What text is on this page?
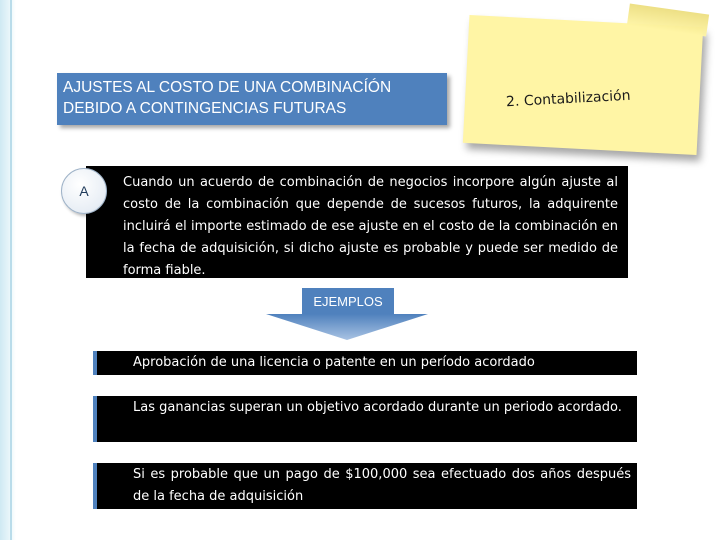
AJUSTES AL COSTO DE UNA COMBINACÍÓN
DEBIDO A CONTINGENCIAS FUTURAS	2. Contabilización
Cuando un acuerdo de combinación de negocios incorpore algún ajuste al costo de la combinación que depende de sucesos futuros, la adquirente incluirá el importe estimado de ese ajuste en el costo de la combinación en la fecha de adquisición, si dicho ajuste es probable y puede ser medido de forma fiable.
A
EJEMPLOS
Aprobación de una licencia o patente en un período acordado
Las ganancias superan un objetivo acordado durante un periodo acordado.
Si es probable que un pago de $100,000 sea efectuado dos años después de la fecha de adquisición
